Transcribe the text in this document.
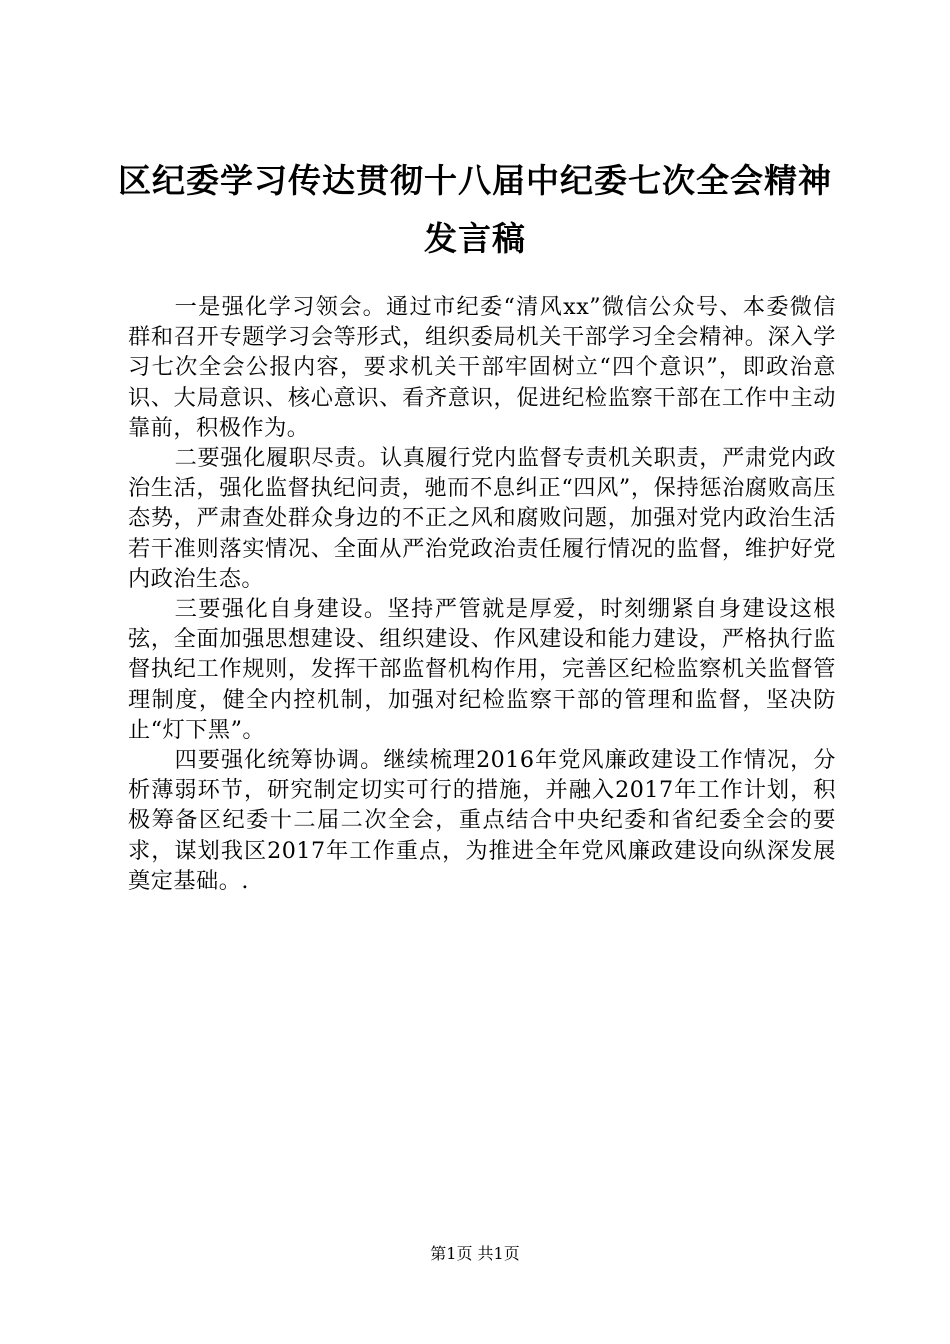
区纪委学习传达贯彻十八届中纪委七次全会精神发言稿

一是强化学习领会。通过市纪委“清风xx”微信公众号、本委微信群和召开专题学习会等形式，组织委局机关干部学习全会精神。深入学习七次全会公报内容，要求机关干部牢固树立“四个意识”，即政治意识、大局意识、核心意识、看齐意识，促进纪检监察干部在工作中主动靠前，积极作为。

二要强化履职尽责。认真履行党内监督专责机关职责，严肃党内政治生活，强化监督执纪问责，驰而不息纠正“四风”，保持惩治腐败高压态势，严肃查处群众身边的不正之风和腐败问题，加强对党内政治生活若干准则落实情况、全面从严治党政治责任履行情况的监督，维护好党内政治生态。

三要强化自身建设。坚持严管就是厚爱，时刻绷紧自身建设这根弦，全面加强思想建设、组织建设、作风建设和能力建设，严格执行监督执纪工作规则，发挥干部监督机构作用，完善区纪检监察机关监督管理制度，健全内控机制，加强对纪检监察干部的管理和监督，坚决防止“灯下黑”。

四要强化统筹协调。继续梳理2016年党风廉政建设工作情况，分析薄弱环节，研究制定切实可行的措施，并融入2017年工作计划，积极筹备区纪委十二届二次全会，重点结合中央纪委和省纪委全会的要求，谋划我区2017年工作重点，为推进全年党风廉政建设向纵深发展奠定基础。.

第1页 共1页
